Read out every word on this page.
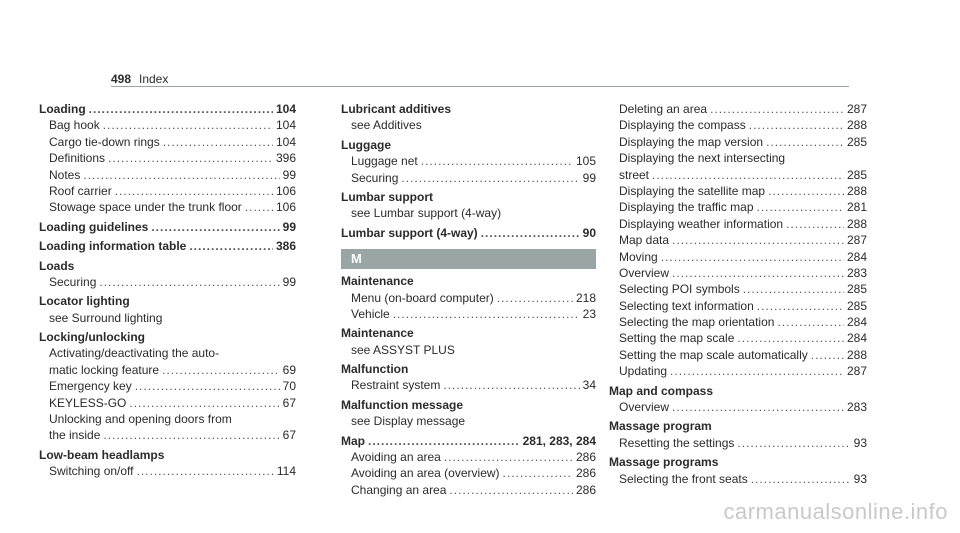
498 Index
Loading .....	104
Bag hook .....	104
Cargo tie-down rings .....	104
Definitions .....	396
Notes .....	99
Roof carrier .....	106
Stowage space under the trunk floor .....	106
Loading guidelines .....	99
Loading information table .....	386
Loads
Securing .....	99
Locator lighting
see Surround lighting
Locking/unlocking
Activating/deactivating the auto-
matic locking feature .....	69
Emergency key .....	70
KEYLESS-GO .....	67
Unlocking and opening doors from
the inside .....	67
Low-beam headlamps
Switching on/off .....	114
Lubricant additives
see Additives
Luggage
Luggage net .....	105
Securing .....	99
Lumbar support
see Lumbar support (4-way)
Lumbar support (4-way) .....	90
M
Maintenance
Menu (on-board computer) .....	218
Vehicle .....	23
Maintenance
see ASSYST PLUS
Malfunction
Restraint system .....	34
Malfunction message
see Display message
Map .....	281, 283, 284
Avoiding an area .....	286
Avoiding an area (overview) .....	286
Changing an area .....	286
Deleting an area .....	287
Displaying the compass .....	288
Displaying the map version .....	285
Displaying the next intersecting
street .....	285
Displaying the satellite map .....	288
Displaying the traffic map .....	281
Displaying weather information .....	288
Map data .....	287
Moving .....	284
Overview .....	283
Selecting POI symbols .....	285
Selecting text information .....	285
Selecting the map orientation .....	284
Setting the map scale .....	284
Setting the map scale automatically .....	288
Updating .....	287
Map and compass
Overview .....	283
Massage program
Resetting the settings .....	93
Massage programs
Selecting the front seats .....	93
carmanualsonline.info
